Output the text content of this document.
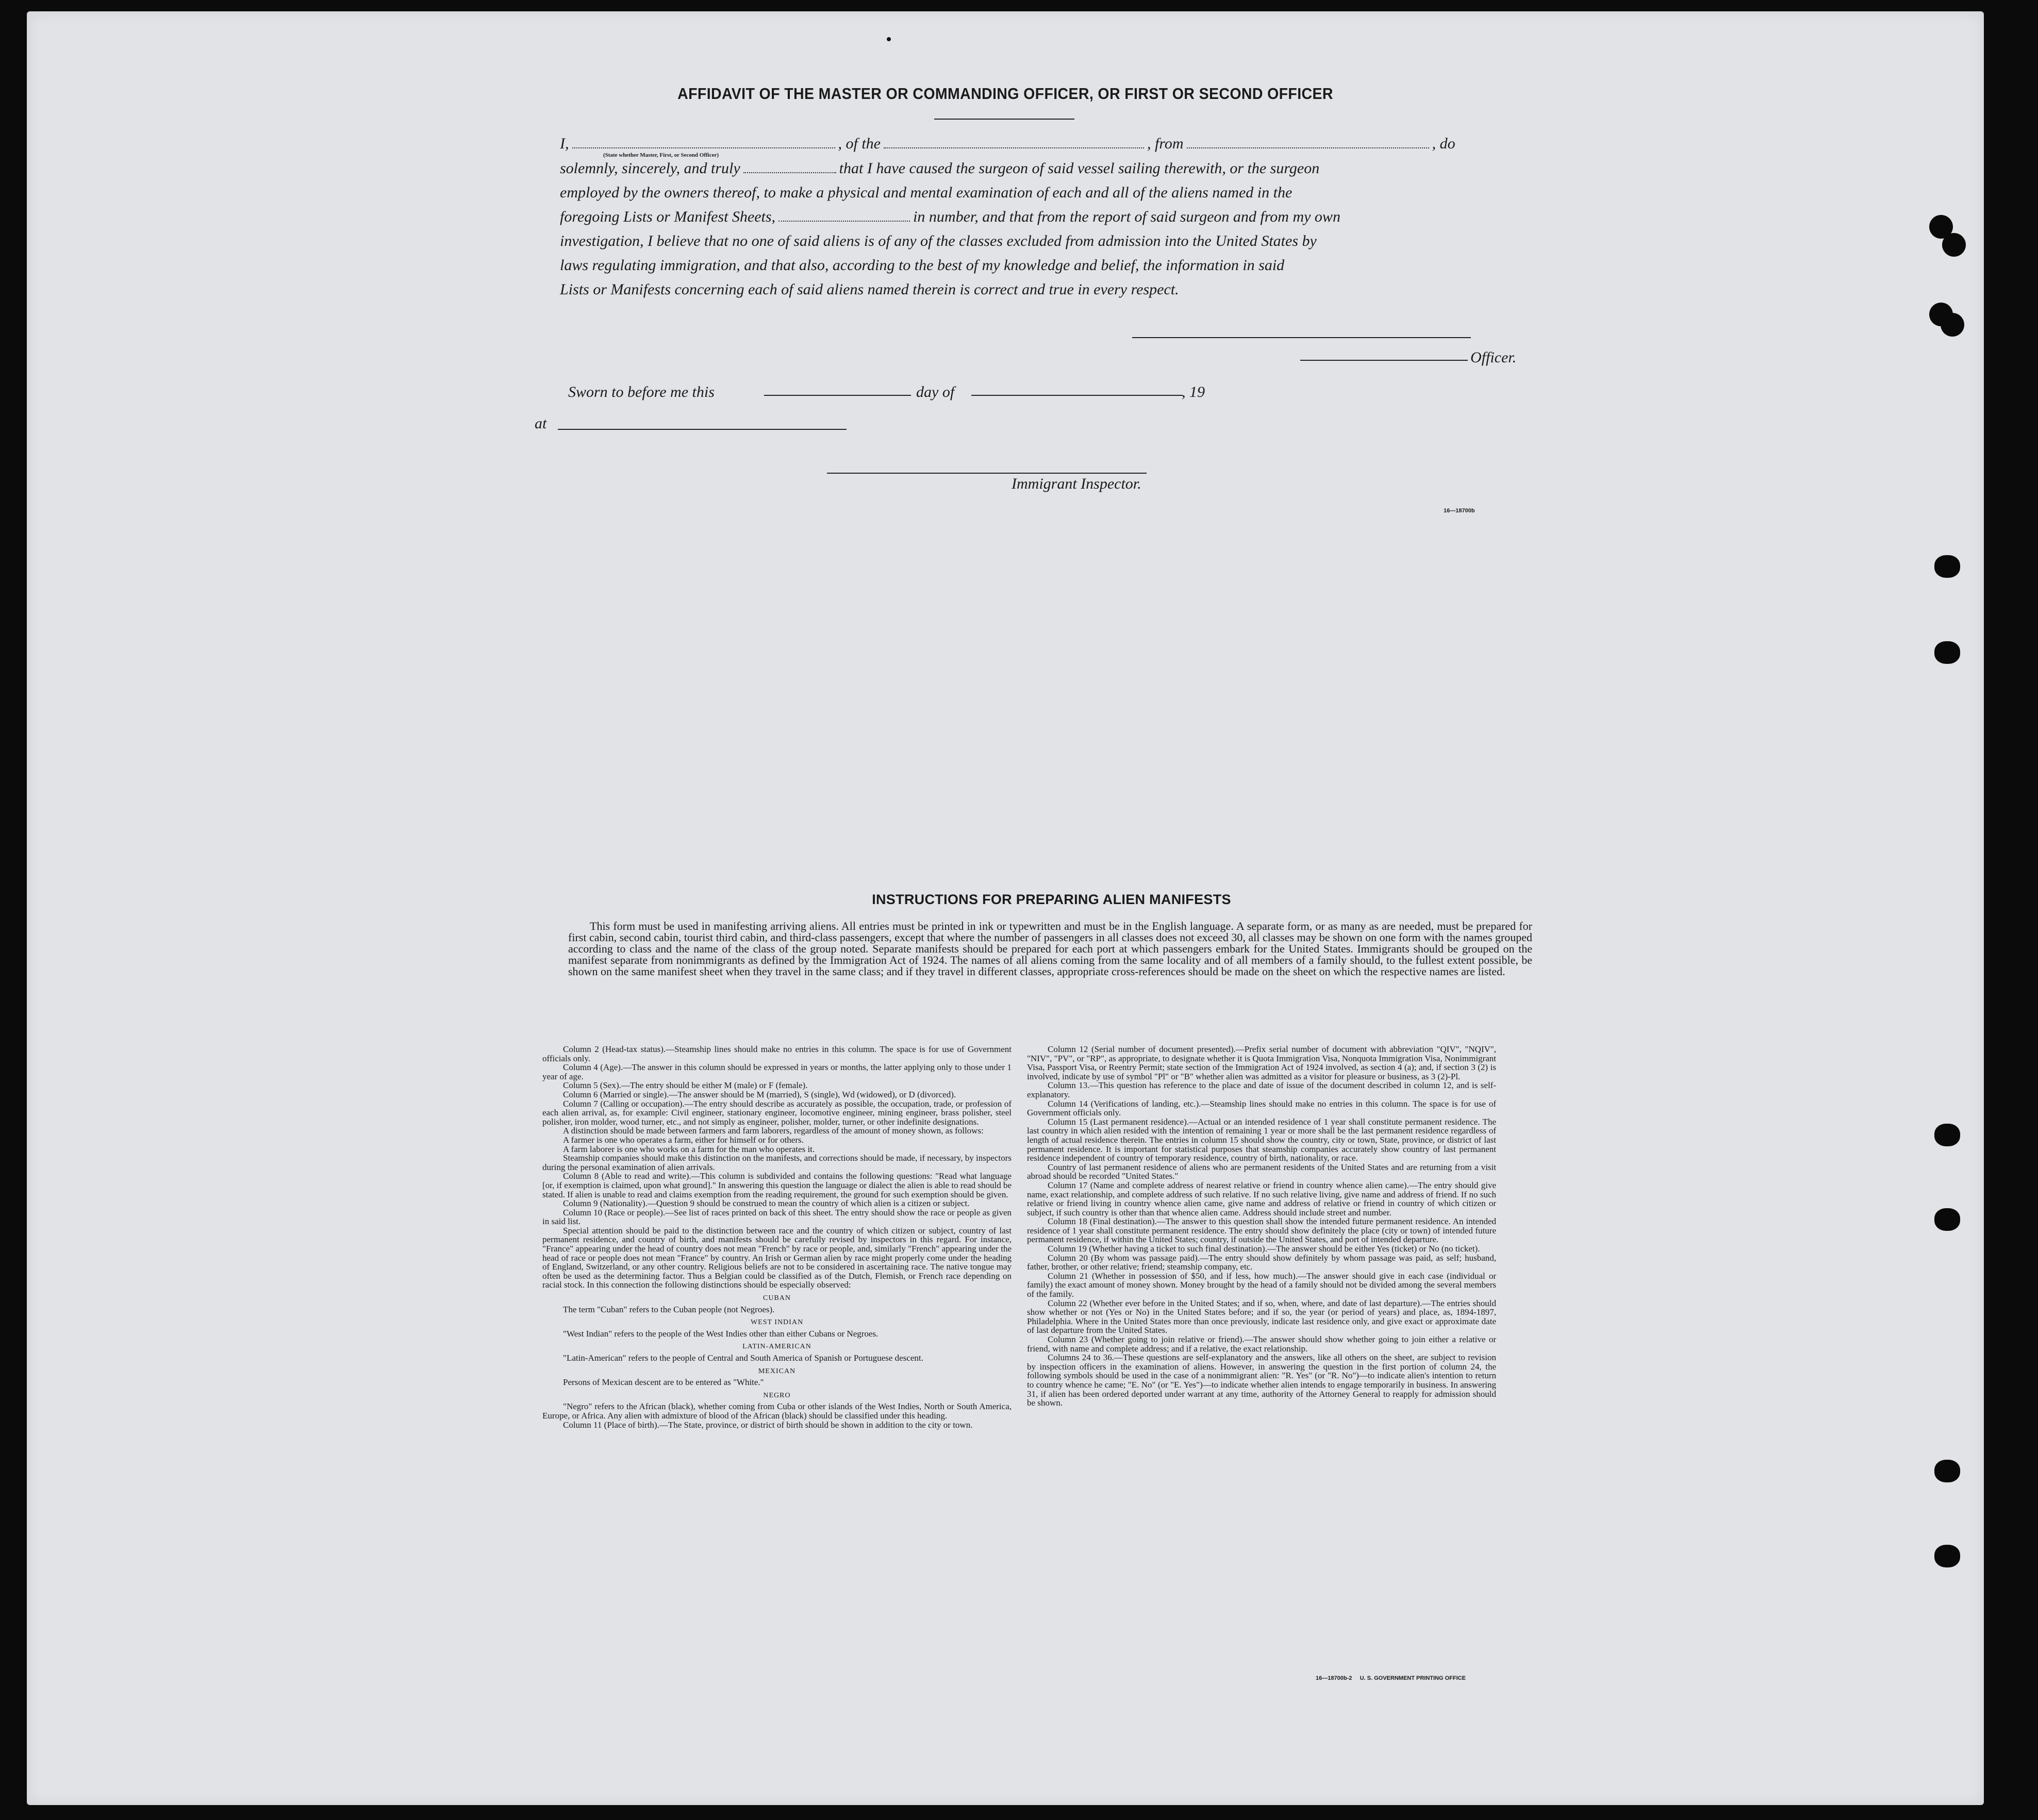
AFFIDAVIT OF THE MASTER OR COMMANDING OFFICER, OR FIRST OR SECOND OFFICER
I,	, of the	, from	, do
(State whether Master, First, or Second Officer)
solemnly, sincerely, and truly	that I have caused the surgeon of said vessel sailing therewith, or the surgeon
employed by the owners thereof, to make a physical and mental examination of each and all of the aliens named in the
foregoing Lists or Manifest Sheets,	in number, and that from the report of said surgeon and from my own
investigation, I believe that no one of said aliens is of any of the classes excluded from admission into the United States by
laws regulating immigration, and that also, according to the best of my knowledge and belief, the information in said
Lists or Manifests concerning each of said aliens named therein is correct and true in every respect.
Officer.
Sworn to before me this	day of	, 19
at
Immigrant Inspector.
16—18700b
INSTRUCTIONS FOR PREPARING ALIEN MANIFESTS
This form must be used in manifesting arriving aliens. All entries must be printed in ink or typewritten and must be in the English language. A separate form, or as many as are needed, must be prepared for first cabin, second cabin, tourist third cabin, and third-class passengers, except that where the number of passengers in all classes does not exceed 30, all classes may be shown on one form with the names grouped according to class and the name of the class of the group noted. Separate manifests should be prepared for each port at which passengers embark for the United States. Immigrants should be grouped on the manifest separate from nonimmigrants as defined by the Immigration Act of 1924. The names of all aliens coming from the same locality and of all members of a family should, to the fullest extent possible, be shown on the same manifest sheet when they travel in the same class; and if they travel in different classes, appropriate cross-references should be made on the sheet on which the respective names are listed.

Column 2 (Head-tax status).—Steamship lines should make no entries in this column. The space is for use of Government officials only.

Column 4 (Age).—The answer in this column should be expressed in years or months, the latter applying only to those under 1 year of age.

Column 5 (Sex).—The entry should be either M (male) or F (female).

Column 6 (Married or single).—The answer should be M (married), S (single), Wd (widowed), or D (divorced).

Column 7 (Calling or occupation).—The entry should describe as accurately as possible, the occupation, trade, or profession of each alien arrival, as, for example: Civil engineer, stationary engineer, locomotive engineer, mining engineer, brass polisher, steel polisher, iron molder, wood turner, etc., and not simply as engineer, polisher, molder, turner, or other indefinite designations.

A distinction should be made between farmers and farm laborers, regardless of the amount of money shown, as follows:

A farmer is one who operates a farm, either for himself or for others.

A farm laborer is one who works on a farm for the man who operates it.

Steamship companies should make this distinction on the manifests, and corrections should be made, if necessary, by inspectors during the personal examination of alien arrivals.

Column 8 (Able to read and write).—This column is subdivided and contains the following questions: "Read what language [or, if exemption is claimed, upon what ground]." In answering this question the language or dialect the alien is able to read should be stated. If alien is unable to read and claims exemption from the reading requirement, the ground for such exemption should be given.

Column 9 (Nationality).—Question 9 should be construed to mean the country of which alien is a citizen or subject.

Column 10 (Race or people).—See list of races printed on back of this sheet. The entry should show the race or people as given in said list.

Special attention should be paid to the distinction between race and the country of which citizen or subject, country of last permanent residence, and country of birth, and manifests should be carefully revised by inspectors in this regard. For instance, "France" appearing under the head of country does not mean "French" by race or people, and, similarly "French" appearing under the head of race or people does not mean "France" by country. An Irish or German alien by race might properly come under the heading of England, Switzerland, or any other country. Religious beliefs are not to be considered in ascertaining race. The native tongue may often be used as the determining factor. Thus a Belgian could be classified as of the Dutch, Flemish, or French race depending on racial stock. In this connection the following distinctions should be especially observed:

CUBAN

The term "Cuban" refers to the Cuban people (not Negroes).

WEST INDIAN

"West Indian" refers to the people of the West Indies other than either Cubans or Negroes.

LATIN-AMERICAN

"Latin-American" refers to the people of Central and South America of Spanish or Portuguese descent.

MEXICAN

Persons of Mexican descent are to be entered as "White."

NEGRO

"Negro" refers to the African (black), whether coming from Cuba or other islands of the West Indies, North or South America, Europe, or Africa. Any alien with admixture of blood of the African (black) should be classified under this heading.

Column 11 (Place of birth).—The State, province, or district of birth should be shown in addition to the city or town.

Column 12 (Serial number of document presented).—Prefix serial number of document with abbreviation "QIV", "NQIV", "NIV", "PV", or "RP", as appropriate, to designate whether it is Quota Immigration Visa, Nonquota Immigration Visa, Nonimmigrant Visa, Passport Visa, or Reentry Permit; state section of the Immigration Act of 1924 involved, as section 4 (a); and, if section 3 (2) is involved, indicate by use of symbol "Pl" or "B" whether alien was admitted as a visitor for pleasure or business, as 3 (2)-Pl.

Column 13.—This question has reference to the place and date of issue of the document described in column 12, and is self-explanatory.

Column 14 (Verifications of landing, etc.).—Steamship lines should make no entries in this column. The space is for use of Government officials only.

Column 15 (Last permanent residence).—Actual or an intended residence of 1 year shall constitute permanent residence. The last country in which alien resided with the intention of remaining 1 year or more shall be the last permanent residence regardless of length of actual residence therein. The entries in column 15 should show the country, city or town, State, province, or district of last permanent residence. It is important for statistical purposes that steamship companies accurately show country of last permanent residence independent of country of temporary residence, country of birth, nationality, or race.

Country of last permanent residence of aliens who are permanent residents of the United States and are returning from a visit abroad should be recorded "United States."

Column 17 (Name and complete address of nearest relative or friend in country whence alien came).—The entry should give name, exact relationship, and complete address of such relative. If no such relative living, give name and address of friend. If no such relative or friend living in country whence alien came, give name and address of relative or friend in country of which citizen or subject, if such country is other than that whence alien came. Address should include street and number.

Column 18 (Final destination).—The answer to this question shall show the intended future permanent residence. An intended residence of 1 year shall constitute permanent residence. The entry should show definitely the place (city or town) of intended future permanent residence, if within the United States; country, if outside the United States, and port of intended departure.

Column 19 (Whether having a ticket to such final destination).—The answer should be either Yes (ticket) or No (no ticket).

Column 20 (By whom was passage paid).—The entry should show definitely by whom passage was paid, as self; husband, father, brother, or other relative; friend; steamship company, etc.

Column 21 (Whether in possession of $50, and if less, how much).—The answer should give in each case (individual or family) the exact amount of money shown. Money brought by the head of a family should not be divided among the several members of the family.

Column 22 (Whether ever before in the United States; and if so, when, where, and date of last departure).—The entries should show whether or not (Yes or No) in the United States before; and if so, the year (or period of years) and place, as, 1894-1897, Philadelphia. Where in the United States more than once previously, indicate last residence only, and give exact or approximate date of last departure from the United States.

Column 23 (Whether going to join relative or friend).—The answer should show whether going to join either a relative or friend, with name and complete address; and if a relative, the exact relationship.

Columns 24 to 36.—These questions are self-explanatory and the answers, like all others on the sheet, are subject to revision by inspection officers in the examination of aliens. However, in answering the question in the first portion of column 24, the following symbols should be used in the case of a nonimmigrant alien: "R. Yes" (or "R. No")—to indicate alien's intention to return to country whence he came; "E. No" (or "E. Yes")—to indicate whether alien intends to engage temporarily in business. In answering 31, if alien has been ordered deported under warrant at any time, authority of the Attorney General to reapply for admission should be shown.

16—18700b-2     U. S. GOVERNMENT PRINTING OFFICE
